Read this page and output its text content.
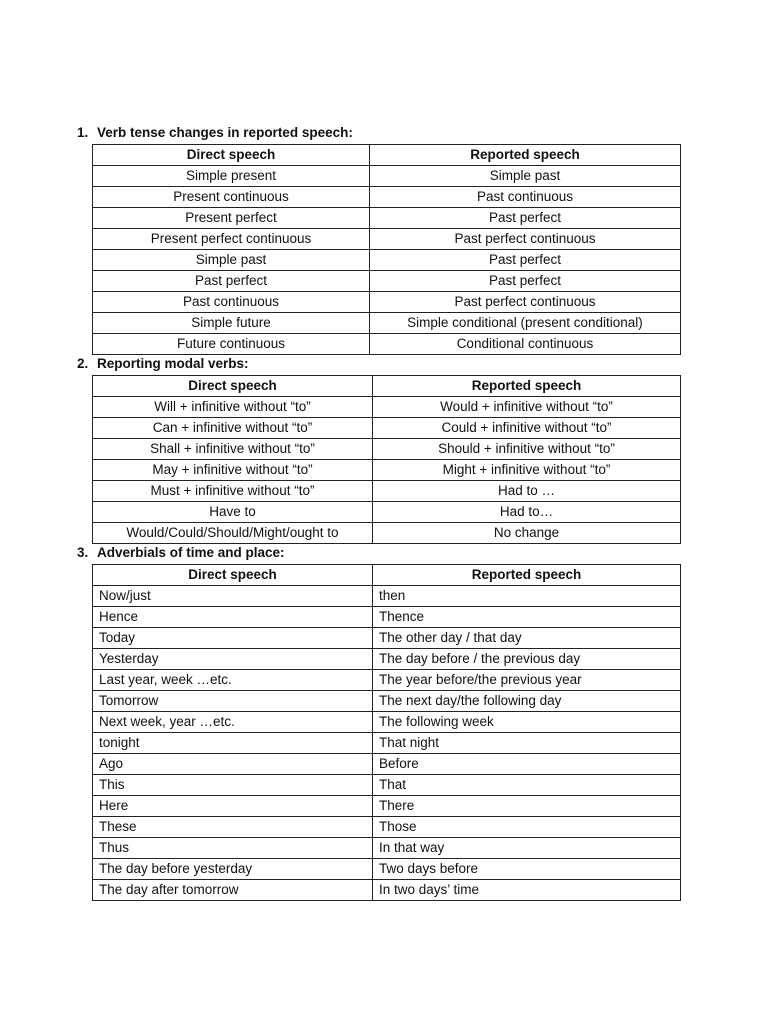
1. Verb tense changes in reported speech:
Direct speech	Reported speech
Simple present	Simple past
Present continuous	Past continuous
Present perfect	Past perfect
Present perfect continuous	Past perfect continuous
Simple past	Past perfect
Past perfect	Past perfect
Past continuous	Past perfect continuous
Simple future	Simple conditional (present conditional)
Future continuous	Conditional continuous
2. Reporting modal verbs:
Direct speech	Reported speech
Will + infinitive without “to”	Would + infinitive without “to”
Can + infinitive without “to”	Could + infinitive without “to”
Shall + infinitive without “to”	Should + infinitive without “to”
May + infinitive without “to”	Might + infinitive without “to”
Must + infinitive without “to”	Had to …
Have to	Had to…
Would/Could/Should/Might/ought to	No change
3. Adverbials of time and place:
Direct speech	Reported speech
Now/just	then
Hence	Thence
Today	The other day / that day
Yesterday	The day before / the previous day
Last year, week …etc.	The year before/the previous year
Tomorrow	The next day/the following day
Next week, year …etc.	The following week
tonight	That night
Ago	Before
This	That
Here	There
These	Those
Thus	In that way
The day before yesterday	Two days before
The day after tomorrow	In two days’ time
